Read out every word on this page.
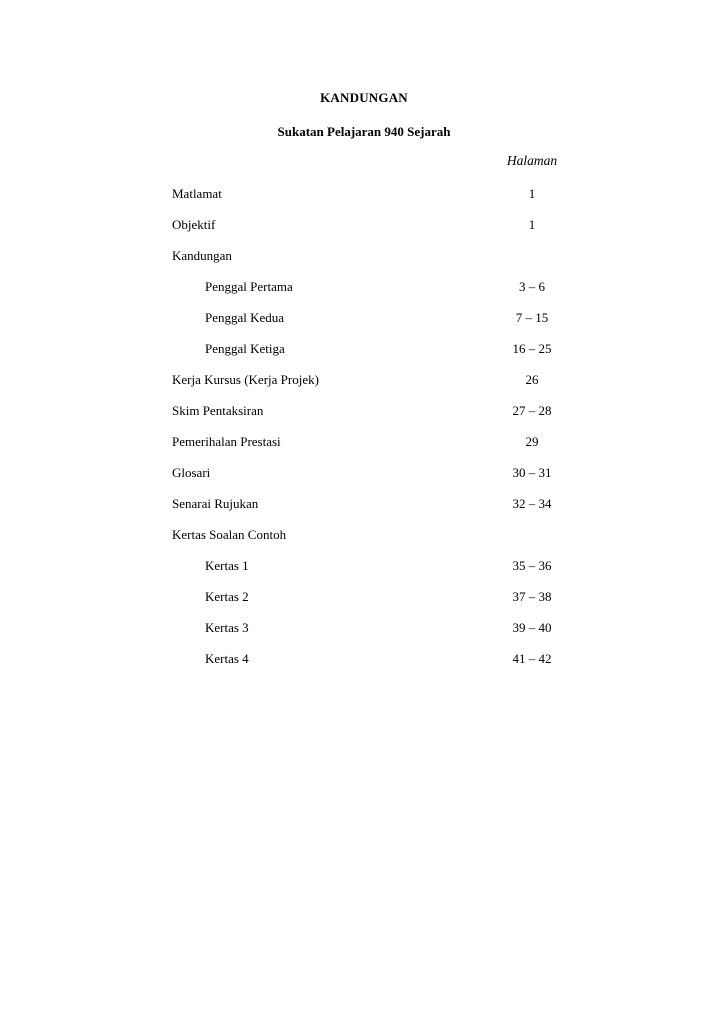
KANDUNGAN
Sukatan Pelajaran 940 Sejarah
Halaman
Matlamat	1
Objektif	1
Kandungan
Penggal Pertama	3 – 6
Penggal Kedua	7 – 15
Penggal Ketiga	16 – 25
Kerja Kursus (Kerja Projek)	26
Skim Pentaksiran	27 – 28
Pemerihalan Prestasi	29
Glosari	30 – 31
Senarai Rujukan	32 – 34
Kertas Soalan Contoh
Kertas 1	35 – 36
Kertas 2	37 – 38
Kertas 3	39 – 40
Kertas 4	41 – 42
